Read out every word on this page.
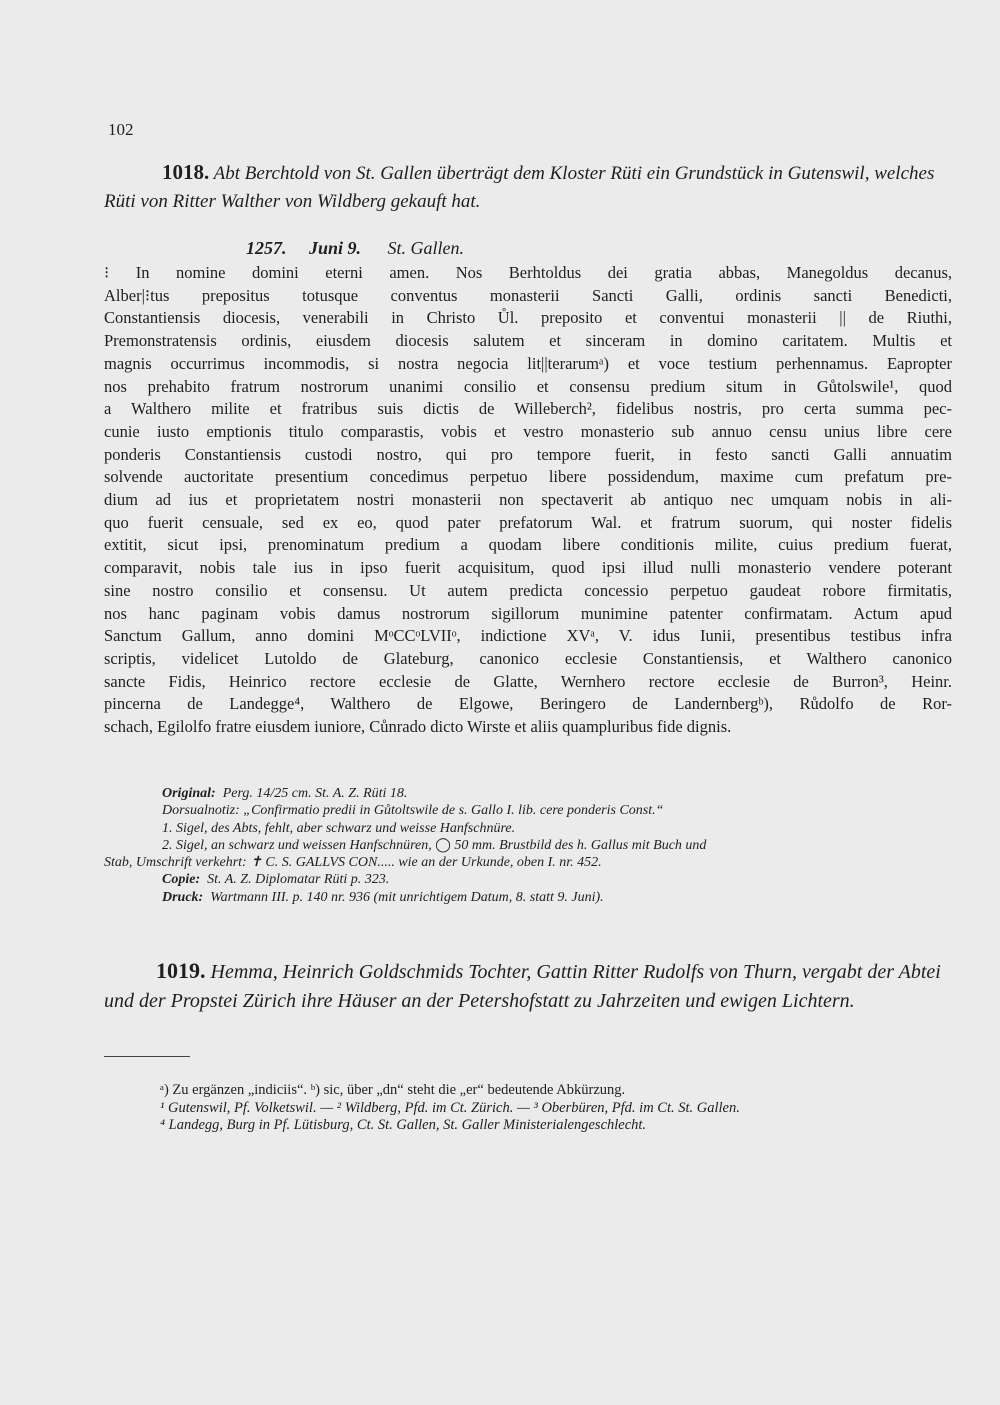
102
1018. Abt Berchtold von St. Gallen überträgt dem Kloster Rüti ein Grundstück in Gutenswil, welches Rüti von Ritter Walther von Wildberg gekauft hat.
1257. Juni 9. St. Gallen.
⁝ In nomine domini eterni amen. Nos Berhtoldus dei gratia abbas, Manegoldus decanus,
Alber|⁝tus prepositus totusque conventus monasterii Sancti Galli, ordinis sancti Benedicti,
Constantiensis diocesis, venerabili in Christo Ůl. preposito et conventui monasterii || de Riuthi,
Premonstratensis ordinis, eiusdem diocesis salutem et sinceram in domino caritatem. Multis et
magnis occurrimus incommodis, si nostra negocia lit||terarumᵃ) et voce testium perhennamus. Eapropter
nos prehabito fratrum nostrorum unanimi consilio et consensu predium situm in Gůtolswile¹, quod
a Walthero milite et fratribus suis dictis de Willeberch², fidelibus nostris, pro certa summa pec-
cunie iusto emptionis titulo comparastis, vobis et vestro monasterio sub annuo censu unius libre cere
ponderis Constantiensis custodi nostro, qui pro tempore fuerit, in festo sancti Galli annuatim
solvende auctoritate presentium concedimus perpetuo libere possidendum, maxime cum prefatum pre-
dium ad ius et proprietatem nostri monasterii non spectaverit ab antiquo nec umquam nobis in ali-
quo fuerit censuale, sed ex eo, quod pater prefatorum Wal. et fratrum suorum, qui noster fidelis
extitit, sicut ipsi, prenominatum predium a quodam libere conditionis milite, cuius predium fuerat,
comparavit, nobis tale ius in ipso fuerit acquisitum, quod ipsi illud nulli monasterio vendere poterant
sine nostro consilio et consensu. Ut autem predicta concessio perpetuo gaudeat robore firmitatis,
nos hanc paginam vobis damus nostrorum sigillorum munimine patenter confirmatam. Actum apud
Sanctum Gallum, anno domini MᵒCCᵒLVIIᵒ, indictione XVᵃ, V. idus Iunii, presentibus testibus infra
scriptis, videlicet Lutoldo de Glateburg, canonico ecclesie Constantiensis, et Walthero canonico
sancte Fidis, Heinrico rectore ecclesie de Glatte, Wernhero rectore ecclesie de Burron³, Heinr.
pincerna de Landegge⁴, Walthero de Elgowe, Beringero de Landernbergᵇ), Růdolfo de Ror-
schach, Egilolfo fratre eiusdem iuniore, Cůnrado dicto Wirste et aliis quampluribus fide dignis.
Original: Perg. 14/25 cm. St. A. Z. Rüti 18.
Dorsualnotiz: „Confirmatio predii in Gůtoltswile de s. Gallo I. lib. cere ponderis Const.“
1. Sigel, des Abts, fehlt, aber schwarz und weisse Hanfschnüre.
2. Sigel, an schwarz und weissen Hanfschnüren, ◯ 50 mm. Brustbild des h. Gallus mit Buch und
Stab, Umschrift verkehrt: ✝ C. S. GALLVS CON..... wie an der Urkunde, oben I. nr. 452.
Copie: St. A. Z. Diplomatar Rüti p. 323.
Druck: Wartmann III. p. 140 nr. 936 (mit unrichtigem Datum, 8. statt 9. Juni).
1019. Hemma, Heinrich Goldschmids Tochter, Gattin Ritter Rudolfs von Thurn, vergabt der Abtei und der Propstei Zürich ihre Häuser an der Petershofstatt zu Jahrzeiten und ewigen Lichtern.
ᵃ) Zu ergänzen „indiciis“. ᵇ) sic, über „dn“ steht die „er“ bedeutende Abkürzung.
¹ Gutenswil, Pf. Volketswil. — ² Wildberg, Pfd. im Ct. Zürich. — ³ Oberbüren, Pfd. im Ct. St. Gallen.
⁴ Landegg, Burg in Pf. Lütisburg, Ct. St. Gallen, St. Galler Ministerialengeschlecht.
